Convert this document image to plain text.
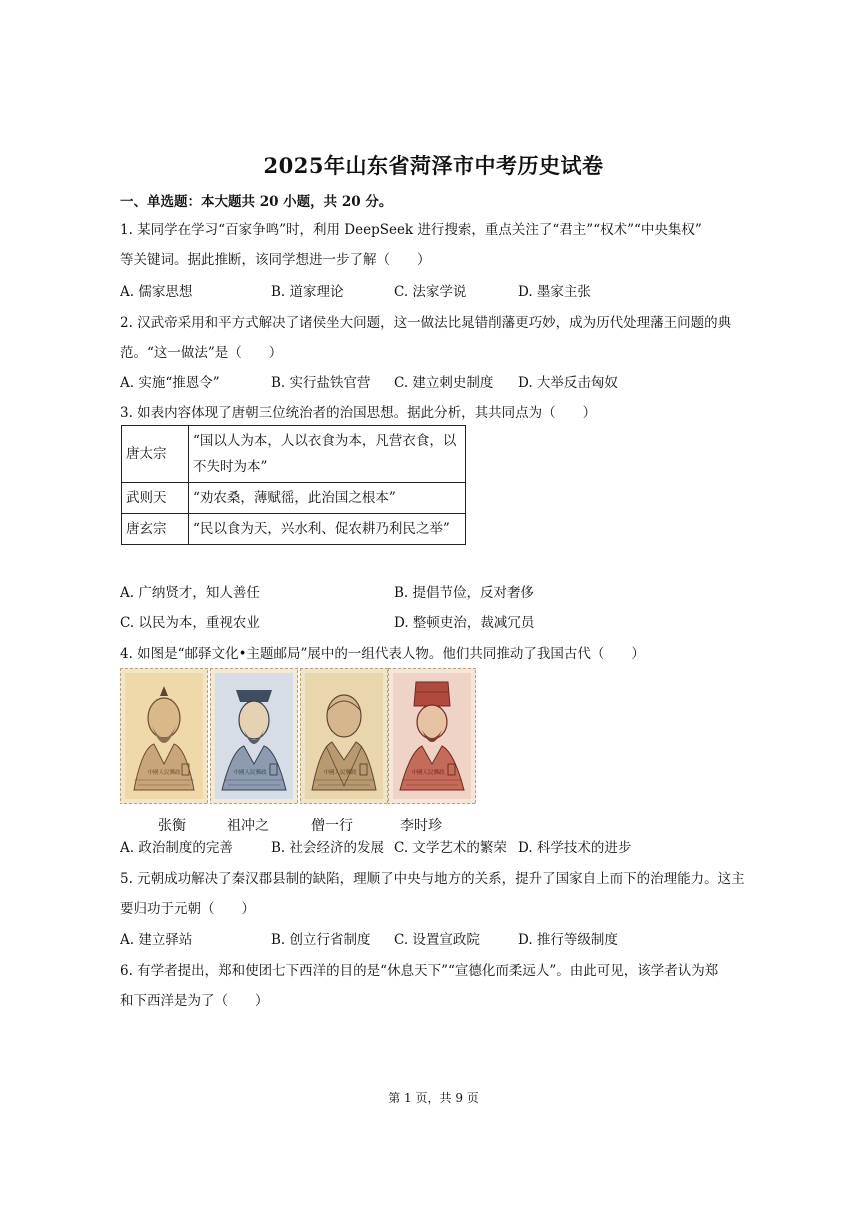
2025年山东省菏泽市中考历史试卷
一、单选题：本大题共 20 小题，共 20 分。
1. 某同学在学习“百家争鸣”时，利用 DeepSeek 进行搜索，重点关注了“君主”“权术”“中央集权”
等关键词。据此推断，该同学想进一步了解（　　）
A. 儒家思想	B. 道家理论	C. 法家学说	D. 墨家主张
2. 汉武帝采用和平方式解决了诸侯坐大问题，这一做法比晁错削藩更巧妙，成为历代处理藩王问题的典
范。“这一做法”是（　　）
A. 实施“推恩令”	B. 实行盐铁官营 C. 建立刺史制度 D. 大举反击匈奴
3. 如表内容体现了唐朝三位统治者的治国思想。据此分析，其共同点为（　　）
唐太宗	“国以人为本，人以衣食为本，凡营衣食，以不失时为本”
武则天	“劝农桑，薄赋徭，此治国之根本”
唐玄宗	“民以食为天，兴水利、促农耕乃利民之举”
A. 广纳贤才，知人善任	B. 提倡节俭，反对奢侈
C. 以民为本，重视农业	D. 整顿吏治，裁减冗员
4. 如图是“邮驿文化•主题邮局”展中的一组代表人物。他们共同推动了我国古代（　　）
中國人民郵政	中國人民郵政	中國人民郵政	中國人民郵政
张衡	祖冲之	僧一行	李时珍
A. 政治制度的完善	B. 社会经济的发展 C. 文学艺术的繁荣 D. 科学技术的进步
5. 元朝成功解决了秦汉郡县制的缺陷，理顺了中央与地方的关系，提升了国家自上而下的治理能力。这主
要归功于元朝（　　）
A. 建立驿站	B. 创立行省制度 C. 设置宣政院	D. 推行等级制度
6. 有学者提出，郑和使团七下西洋的目的是“休息天下”“宣德化而柔远人”。由此可见，该学者认为郑
和下西洋是为了（　　）
第 1 页，共 9 页
